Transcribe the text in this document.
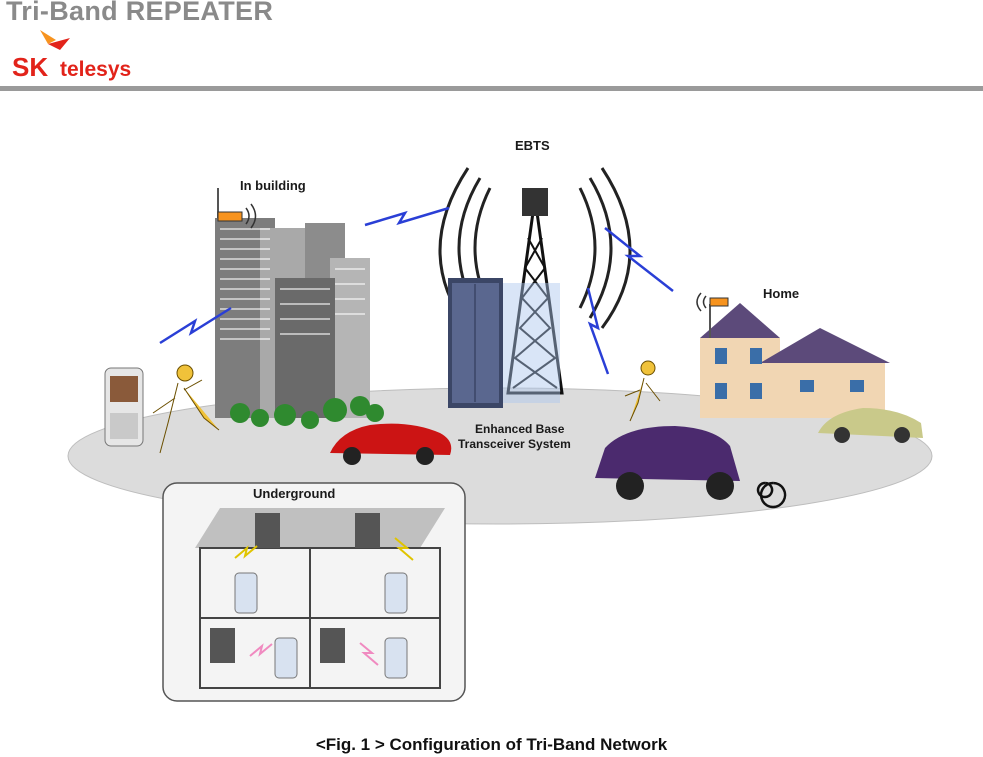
Tri-Band REPEATER
SK telesys
In building
EBTS
Home
Enhanced Base
Transceiver System
Underground
<Fig. 1 > Configuration of Tri-Band Network
